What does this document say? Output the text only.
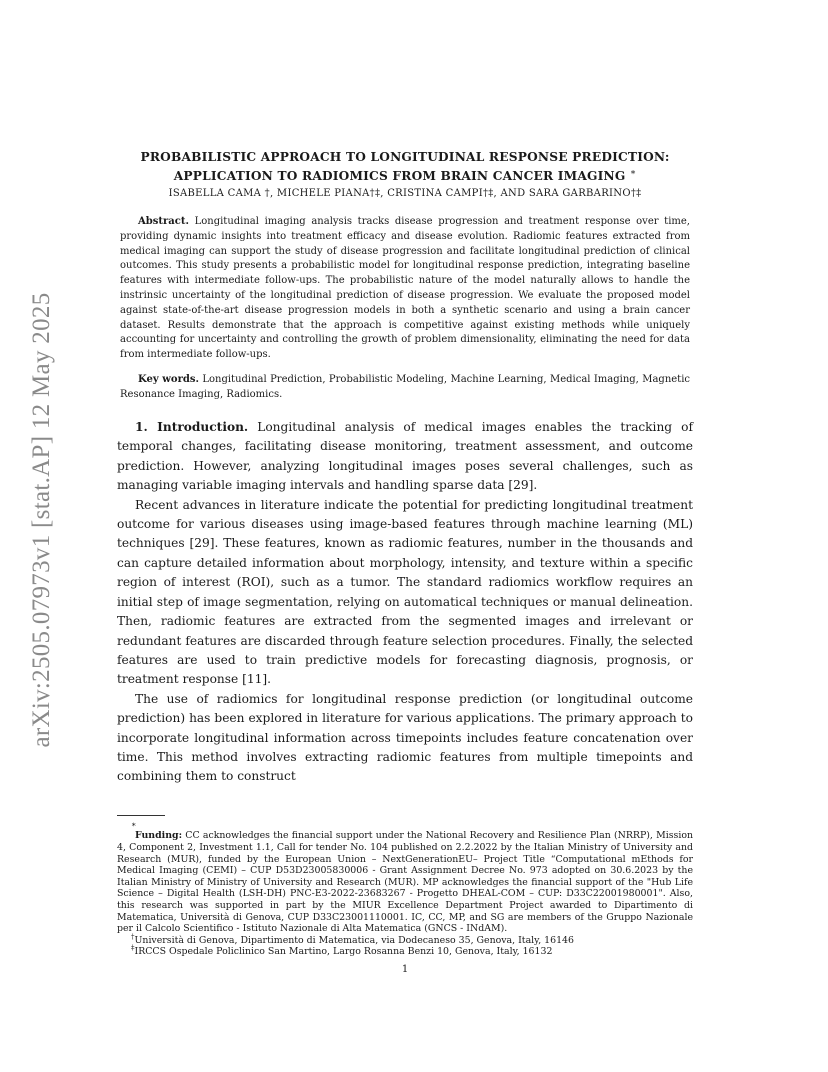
arXiv:2505.07973v1 [stat.AP] 12 May 2025
PROBABILISTIC APPROACH TO LONGITUDINAL RESPONSE PREDICTION:
APPLICATION TO RADIOMICS FROM BRAIN CANCER IMAGING ∗
ISABELLA CAMA †, MICHELE PIANA†‡, CRISTINA CAMPI†‡, AND SARA GARBARINO†‡
Abstract. Longitudinal imaging analysis tracks disease progression and treatment response over time, providing dynamic insights into treatment efficacy and disease evolution. Radiomic features extracted from medical imaging can support the study of disease progression and facilitate longitudinal prediction of clinical outcomes. This study presents a probabilistic model for longitudinal response prediction, integrating baseline features with intermediate follow-ups. The probabilistic nature of the model naturally allows to handle the instrinsic uncertainty of the longitudinal prediction of disease progression. We evaluate the proposed model against state-of-the-art disease progression models in both a synthetic scenario and using a brain cancer dataset. Results demonstrate that the approach is competitive against existing methods while uniquely accounting for uncertainty and controlling the growth of problem dimensionality, eliminating the need for data from intermediate follow-ups.
Key words. Longitudinal Prediction, Probabilistic Modeling, Machine Learning, Medical Imaging, Magnetic Resonance Imaging, Radiomics.

1. Introduction. Longitudinal analysis of medical images enables the tracking of temporal changes, facilitating disease monitoring, treatment assessment, and outcome prediction. However, analyzing longitudinal images poses several challenges, such as managing variable imaging intervals and handling sparse data [29].

Recent advances in literature indicate the potential for predicting longitudinal treatment outcome for various diseases using image-based features through machine learning (ML) techniques [29]. These features, known as radiomic features, number in the thousands and can capture detailed information about morphology, intensity, and texture within a specific region of interest (ROI), such as a tumor. The standard radiomics workflow requires an initial step of image segmentation, relying on automatical techniques or manual delineation. Then, radiomic features are extracted from the segmented images and irrelevant or redundant features are discarded through feature selection procedures. Finally, the selected features are used to train predictive models for forecasting diagnosis, prognosis, or treatment response [11].

The use of radiomics for longitudinal response prediction (or longitudinal outcome prediction) has been explored in literature for various applications. The primary approach to incorporate longitudinal information across timepoints includes feature concatenation over time. This method involves extracting radiomic features from multiple timepoints and combining them to construct

∗

Funding: CC acknowledges the financial support under the National Recovery and Resilience Plan (NRRP), Mission 4, Component 2, Investment 1.1, Call for tender No. 104 published on 2.2.2022 by the Italian Ministry of University and Research (MUR), funded by the European Union – NextGenerationEU– Project Title “Computational mEthods for Medical Imaging (CEMI) – CUP D53D23005830006 - Grant Assignment Decree No. 973 adopted on 30.6.2023 by the Italian Ministry of Ministry of University and Research (MUR). MP acknowledges the financial support of the "Hub Life Science – Digital Health (LSH-DH) PNC-E3-2022-23683267 - Progetto DHEAL-COM – CUP: D33C22001980001". Also, this research was supported in part by the MIUR Excellence Department Project awarded to Dipartimento di Matematica, Università di Genova, CUP D33C23001110001. IC, CC, MP, and SG are members of the Gruppo Nazionale per il Calcolo Scientifico - Istituto Nazionale di Alta Matematica (GNCS - INdAM).

†Università di Genova, Dipartimento di Matematica, via Dodecaneso 35, Genova, Italy, 16146

‡IRCCS Ospedale Policlinico San Martino, Largo Rosanna Benzi 10, Genova, Italy, 16132

1
